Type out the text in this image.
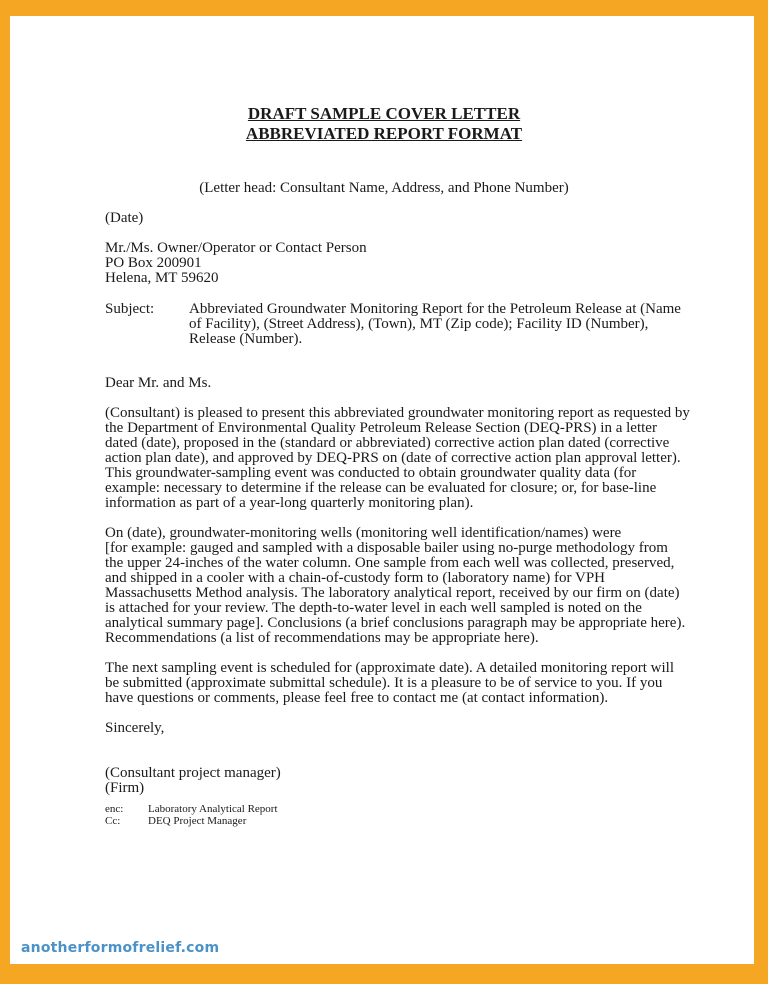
DRAFT SAMPLE COVER LETTER
ABBREVIATED REPORT FORMAT
(Letter head: Consultant Name, Address, and Phone Number)
(Date)
Mr./Ms. Owner/Operator or Contact Person
PO Box 200901
Helena, MT 59620
Subject: Abbreviated Groundwater Monitoring Report for the Petroleum Release at (Name
of Facility), (Street Address), (Town), MT (Zip code); Facility ID (Number),
Release (Number).
Dear Mr. and Ms.
(Consultant) is pleased to present this abbreviated groundwater monitoring report as requested by
the Department of Environmental Quality Petroleum Release Section (DEQ-PRS) in a letter
dated (date), proposed in the (standard or abbreviated) corrective action plan dated (corrective
action plan date), and approved by DEQ-PRS on (date of corrective action plan approval letter).
This groundwater-sampling event was conducted to obtain groundwater quality data (for
example: necessary to determine if the release can be evaluated for closure; or, for base-line
information as part of a year-long quarterly monitoring plan).
On (date), groundwater-monitoring wells (monitoring well identification/names) were
[for example: gauged and sampled with a disposable bailer using no-purge methodology from
the upper 24-inches of the water column. One sample from each well was collected, preserved,
and shipped in a cooler with a chain-of-custody form to (laboratory name) for VPH
Massachusetts Method analysis. The laboratory analytical report, received by our firm on (date)
is attached for your review. The depth-to-water level in each well sampled is noted on the
analytical summary page]. Conclusions (a brief conclusions paragraph may be appropriate here).
Recommendations (a list of recommendations may be appropriate here).
The next sampling event is scheduled for (approximate date). A detailed monitoring report will
be submitted (approximate submittal schedule). It is a pleasure to be of service to you. If you
have questions or comments, please feel free to contact me (at contact information).
Sincerely,
(Consultant project manager)
(Firm)
enc: Laboratory Analytical Report
Cc:	DEQ Project Manager
anotherformofrelief.com
